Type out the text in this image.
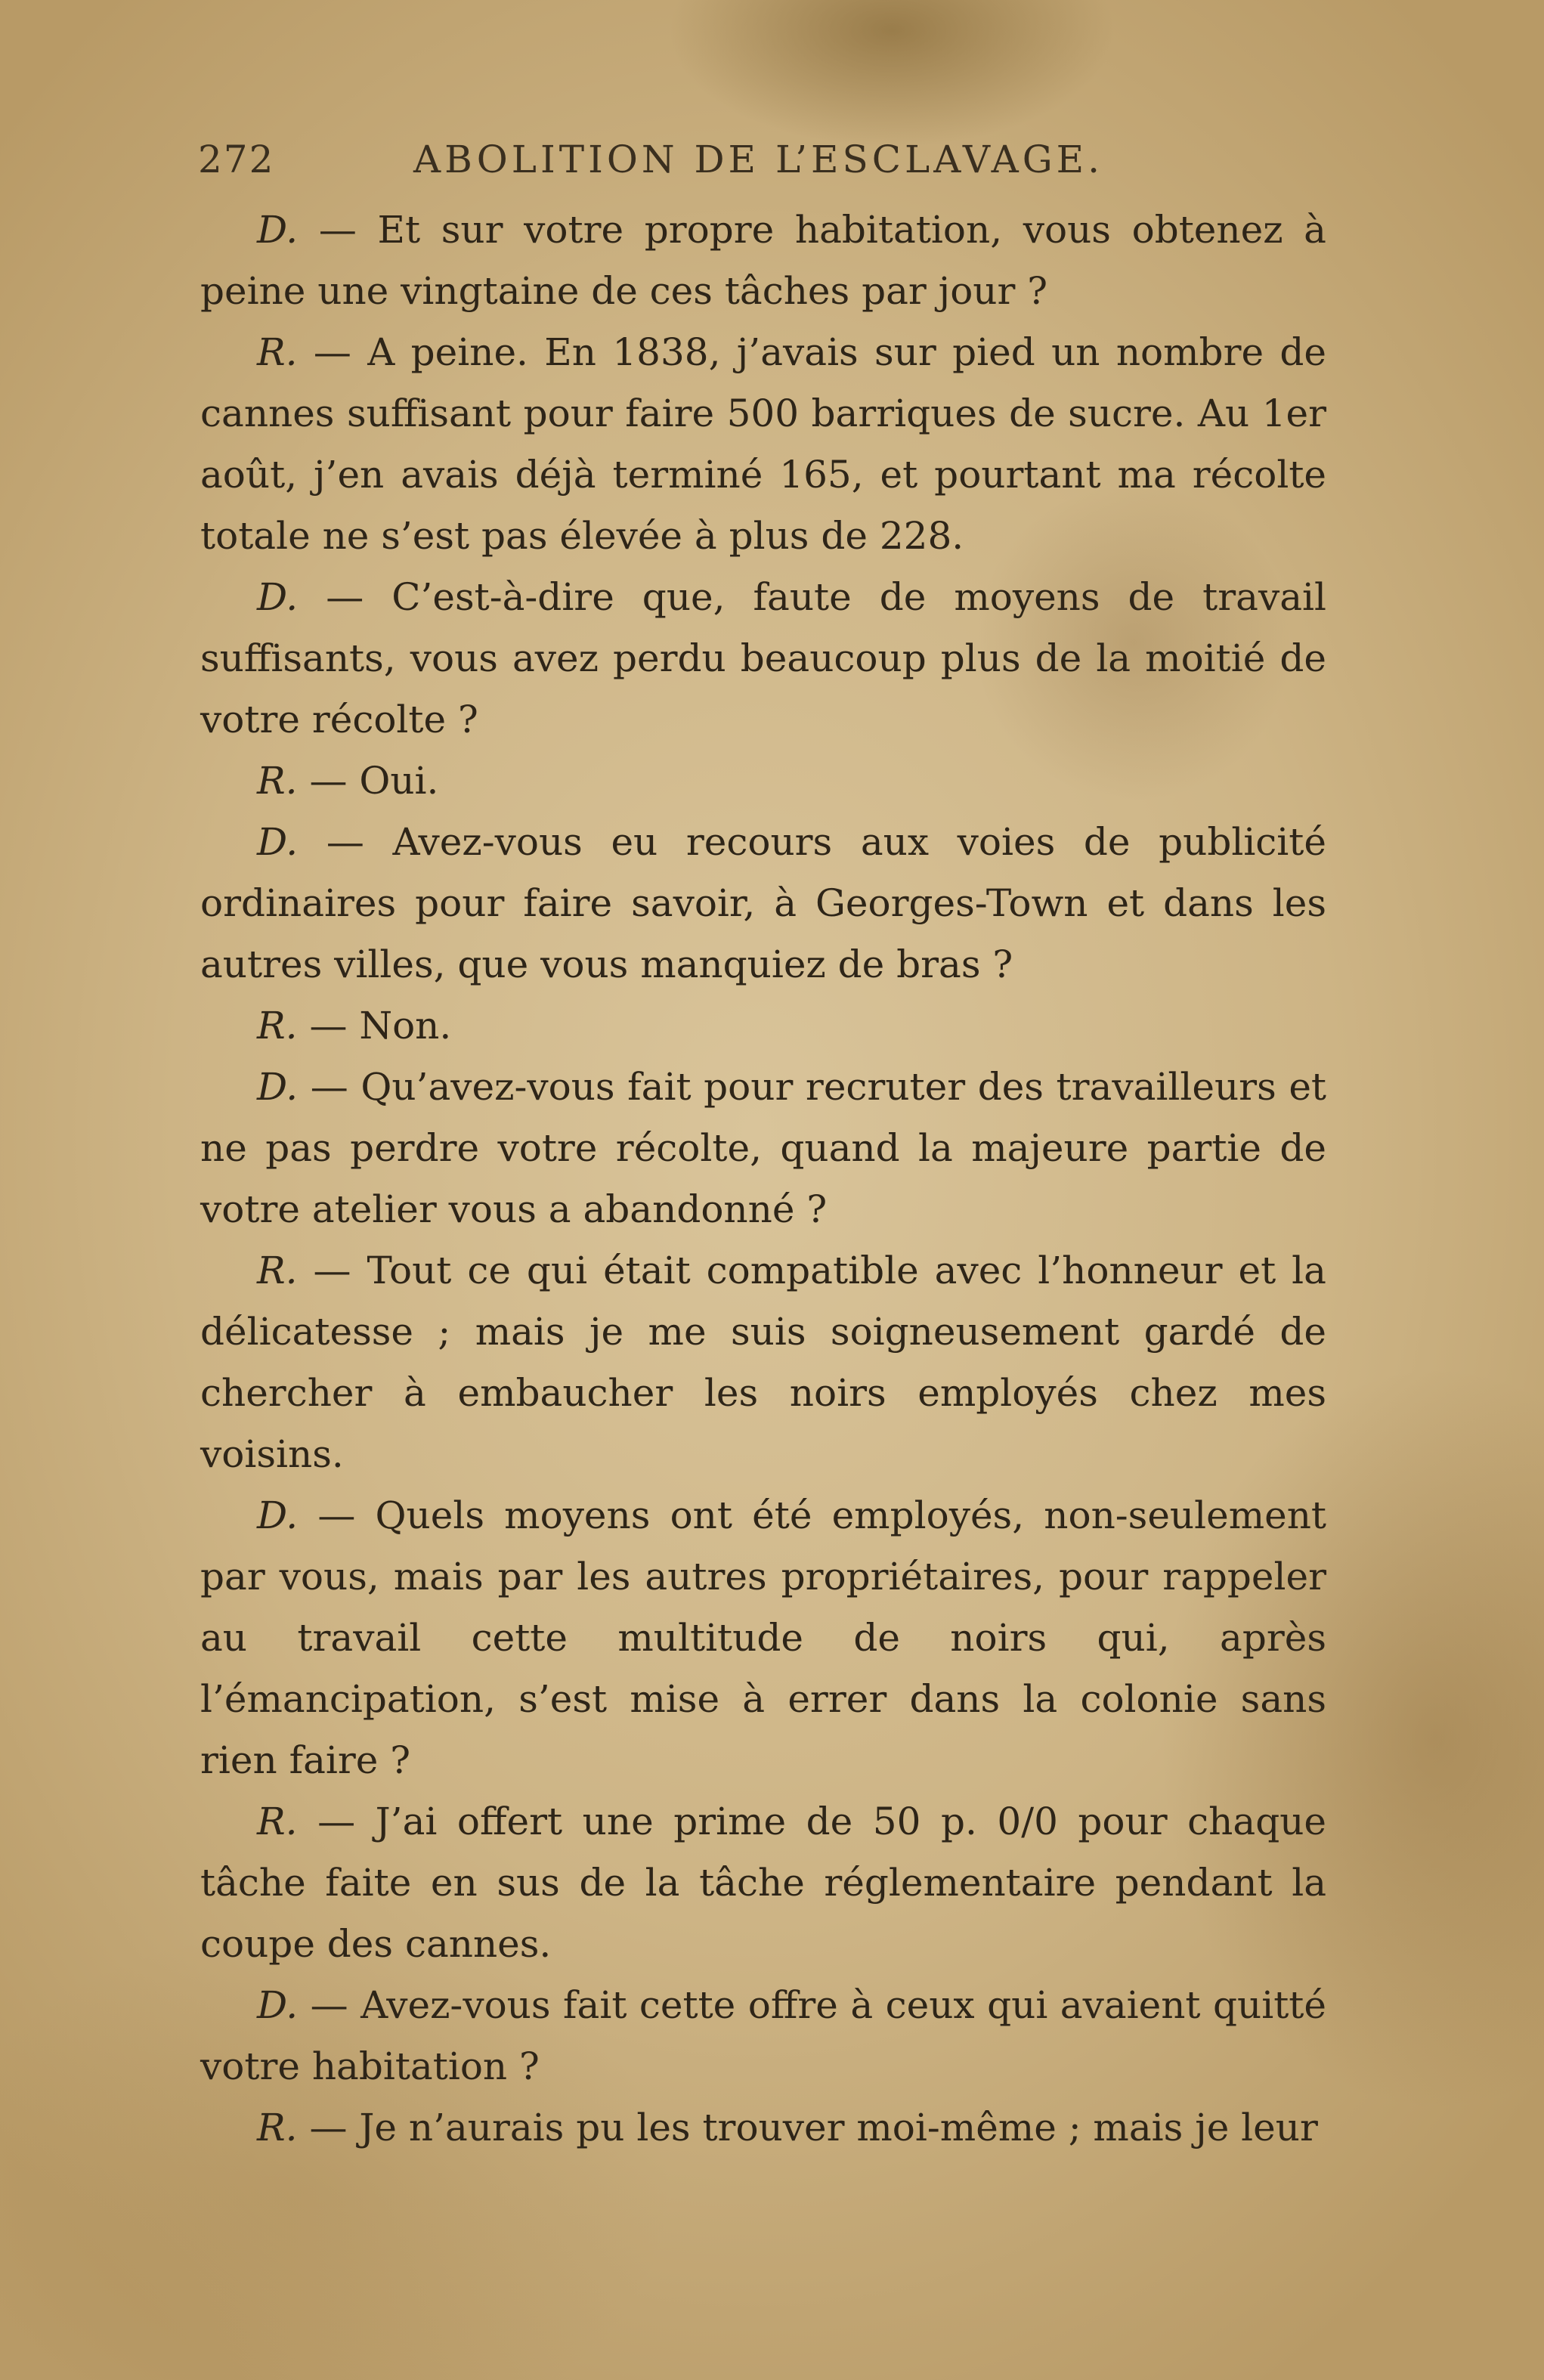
272	ABOLITION DE L’ESCLAVAGE.

D. — Et sur votre propre habitation, vous obtenez à peine une vingtaine de ces tâches par jour ?

R. — A peine. En 1838, j’avais sur pied un nombre de cannes suffisant pour faire 500 barriques de sucre. Au 1er août, j’en avais déjà terminé 165, et pourtant ma récolte totale ne s’est pas élevée à plus de 228.

D. — C’est-à-dire que, faute de moyens de travail suffisants, vous avez perdu beaucoup plus de la moitié de votre récolte ?

R. — Oui.

D. — Avez-vous eu recours aux voies de publicité ordinaires pour faire savoir, à Georges-Town et dans les autres villes, que vous manquiez de bras ?

R. — Non.

D. — Qu’avez-vous fait pour recruter des travailleurs et ne pas perdre votre récolte, quand la majeure partie de votre atelier vous a abandonné ?

R. — Tout ce qui était compatible avec l’honneur et la délicatesse ; mais je me suis soigneusement gardé de chercher à embaucher les noirs employés chez mes voisins.

D. — Quels moyens ont été employés, non-seulement par vous, mais par les autres propriétaires, pour rappeler au travail cette multitude de noirs qui, après l’émancipation, s’est mise à errer dans la colonie sans rien faire ?

R. — J’ai offert une prime de 50 p. 0/0 pour chaque tâche faite en sus de la tâche réglementaire pendant la coupe des cannes.

D. — Avez-vous fait cette offre à ceux qui avaient quitté votre habitation ?

R. — Je n’aurais pu les trouver moi-même ; mais je leur
